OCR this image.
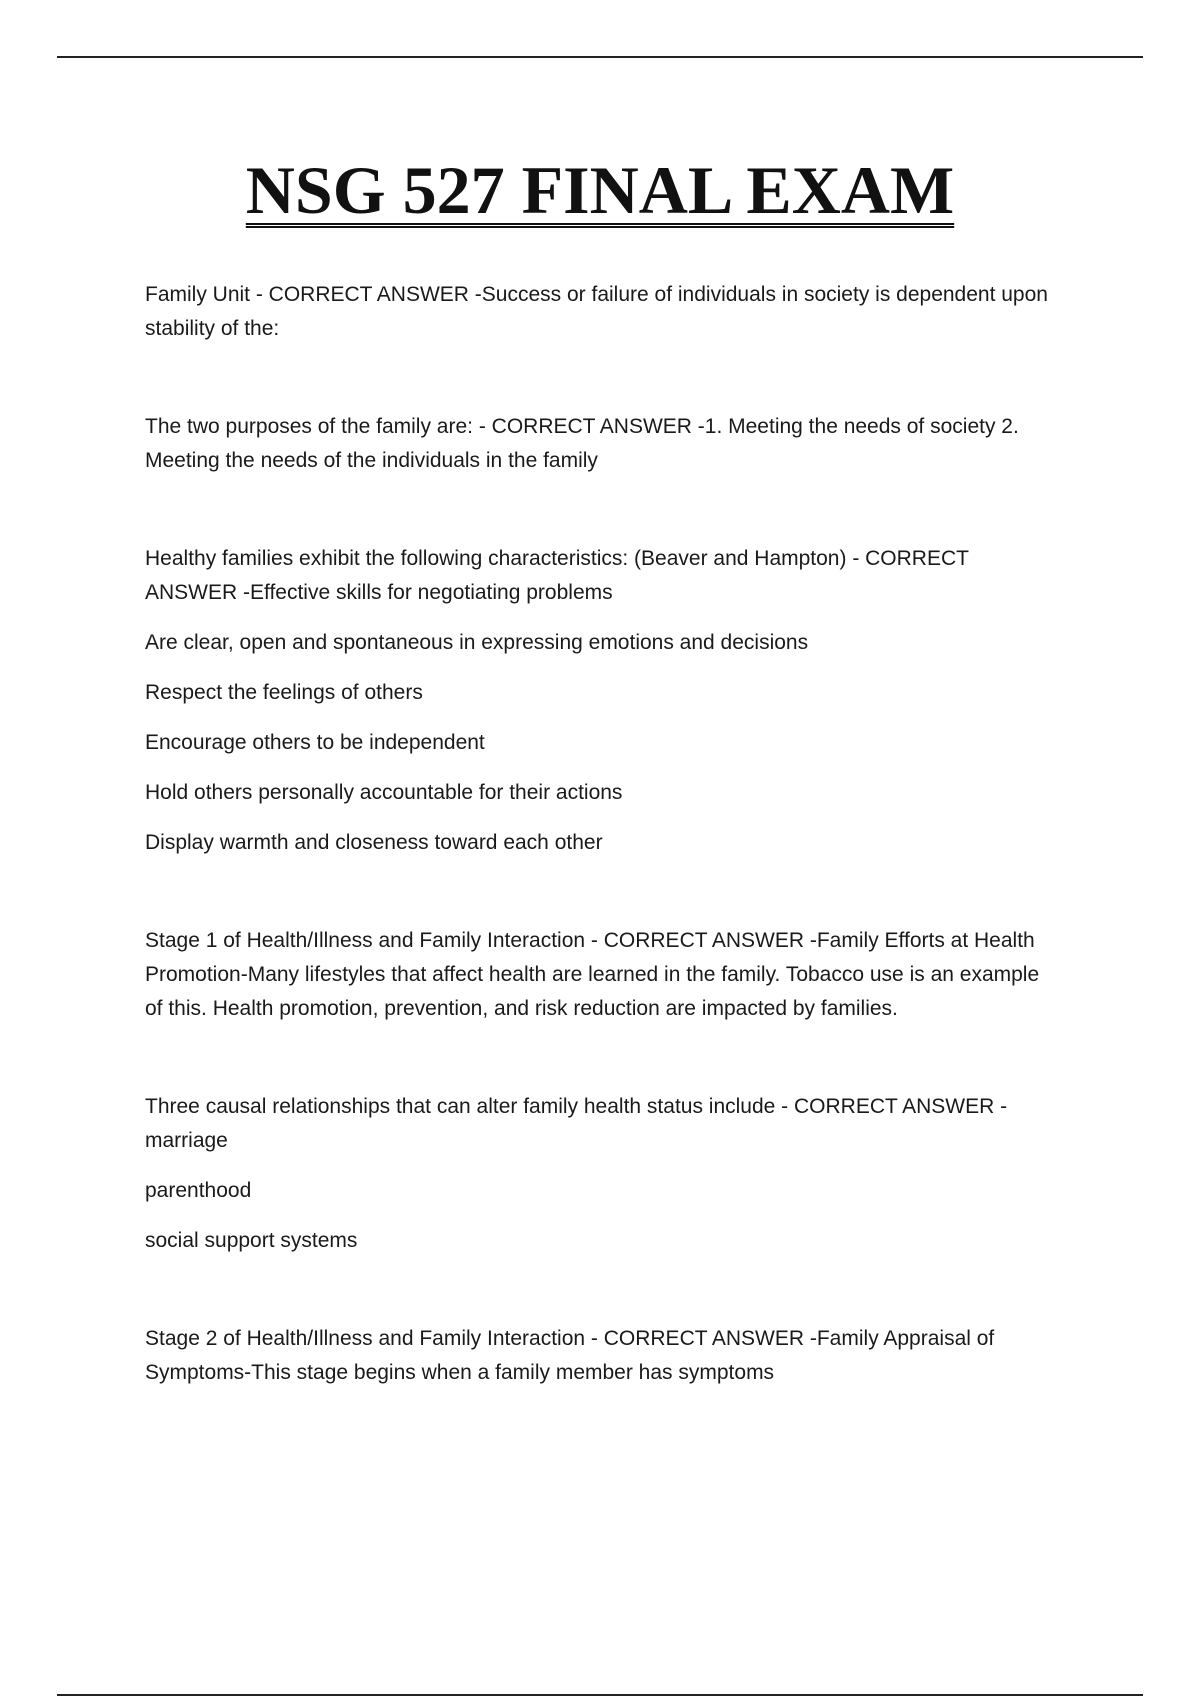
NSG 527 FINAL EXAM

Family Unit - CORRECT ANSWER -Success or failure of individuals in society is dependent upon stability of the:

The two purposes of the family are: - CORRECT ANSWER -1. Meeting the needs of society 2. Meeting the needs of the individuals in the family

Healthy families exhibit the following characteristics: (Beaver and Hampton) - CORRECT ANSWER -Effective skills for negotiating problems

Are clear, open and spontaneous in expressing emotions and decisions

Respect the feelings of others

Encourage others to be independent

Hold others personally accountable for their actions

Display warmth and closeness toward each other

Stage 1 of Health/Illness and Family Interaction - CORRECT ANSWER -Family Efforts at Health Promotion-Many lifestyles that affect health are learned in the family. Tobacco use is an example of this. Health promotion, prevention, and risk reduction are impacted by families.

Three causal relationships that can alter family health status include - CORRECT ANSWER - marriage

parenthood

social support systems

Stage 2 of Health/Illness and Family Interaction - CORRECT ANSWER -Family Appraisal of Symptoms-This stage begins when a family member has symptoms
